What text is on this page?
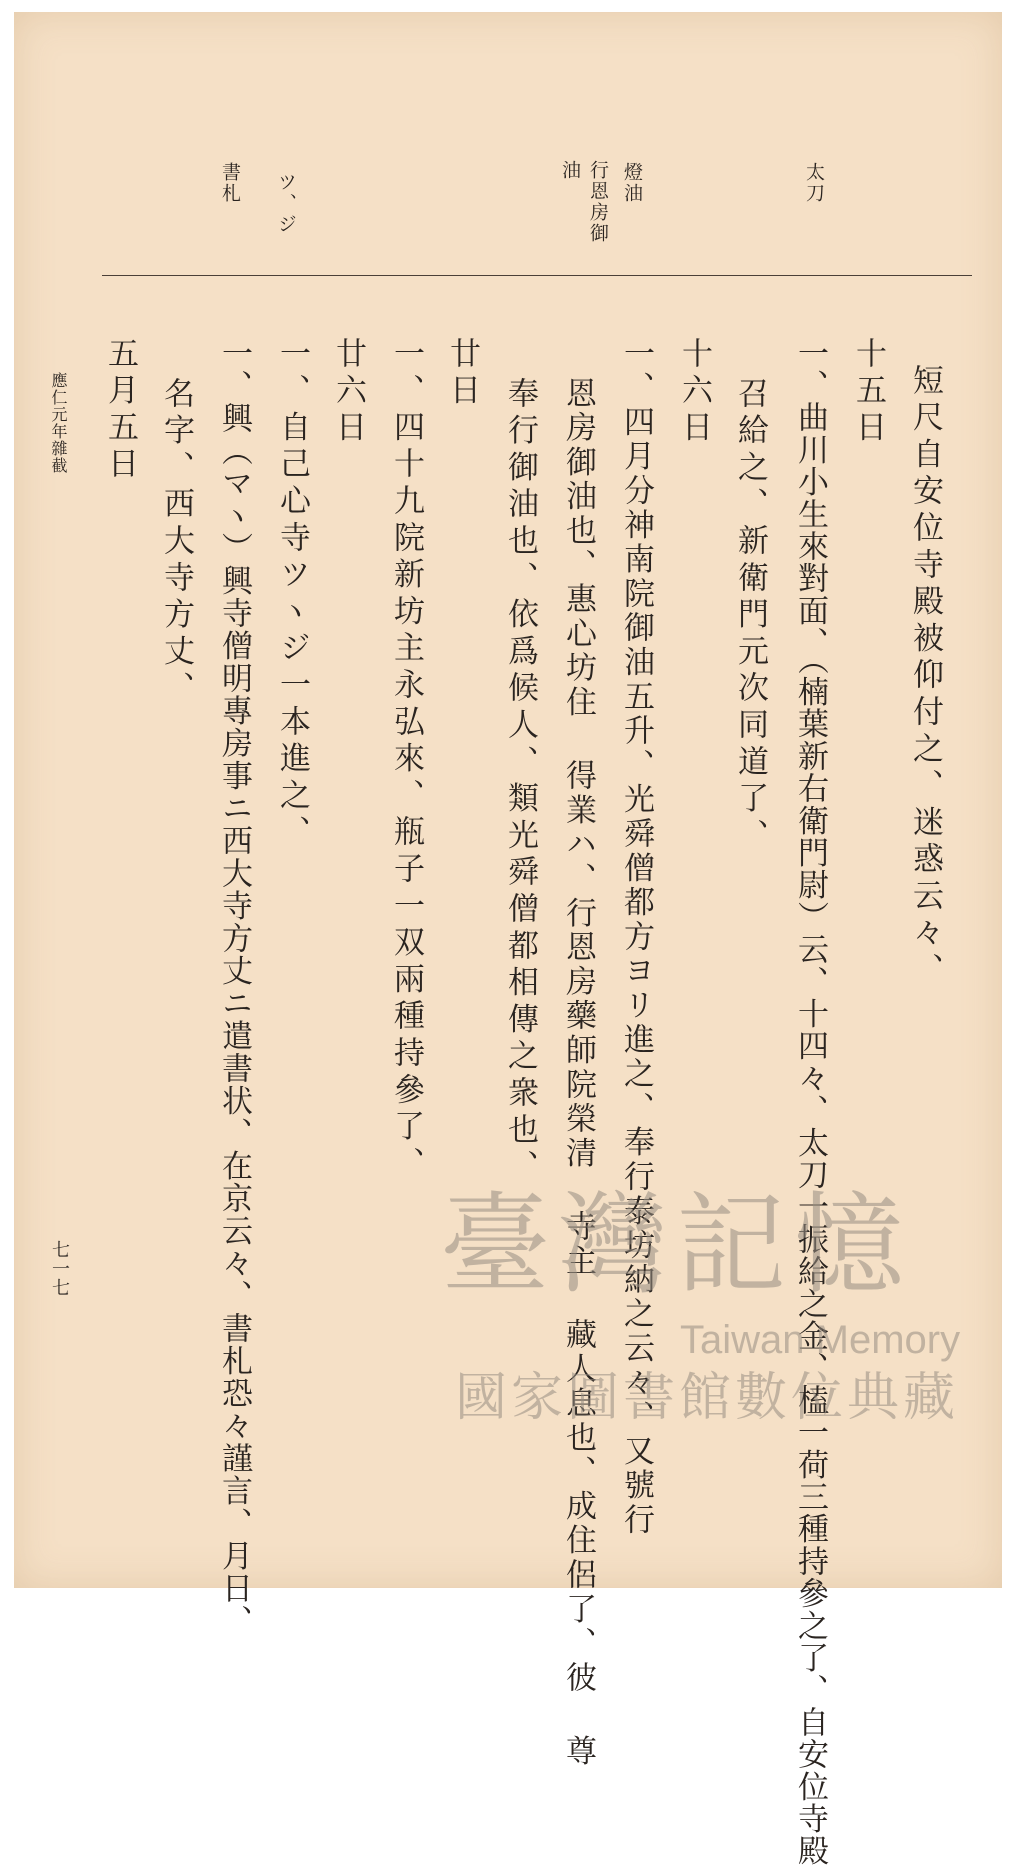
太刀
燈油
行恩房御
油
ツ、ジ
書札
短尺自安位寺殿被仰付之、迷惑云々、
十五日
一、曲川小生來對面、（楠葉新右衛門尉）云、十四々、太刀一振給之金、榼一荷三種持參之了、自安位寺殿
召給之、新衛門元次同道了、
十六日
一、四月分神南院御油五升、光舜僧都方ヨリ進之、奉行泰坊納之云々、又號行
恩房御油也、惠心坊住 得業ハ、行恩房藥師院榮清 寺主 藏人息也、成住侶了、彼 尊
奉行御油也、依爲候人、類光舜僧都相傳之衆也、
廿日
一、四十九院新坊主永弘來、瓶子一双兩種持參了、
廿六日
一、自己心寺ツヽジ一本進之、
一、興（マヽ）興寺僧明專房事ニ西大寺方丈ニ遣書状、在京云々、書札恐々謹言、月日、
名字、西大寺方丈、
五月五日
應仁元年雜截
七一七	臺灣記憶
Taiwan Memory
國家圖書館數位典藏
